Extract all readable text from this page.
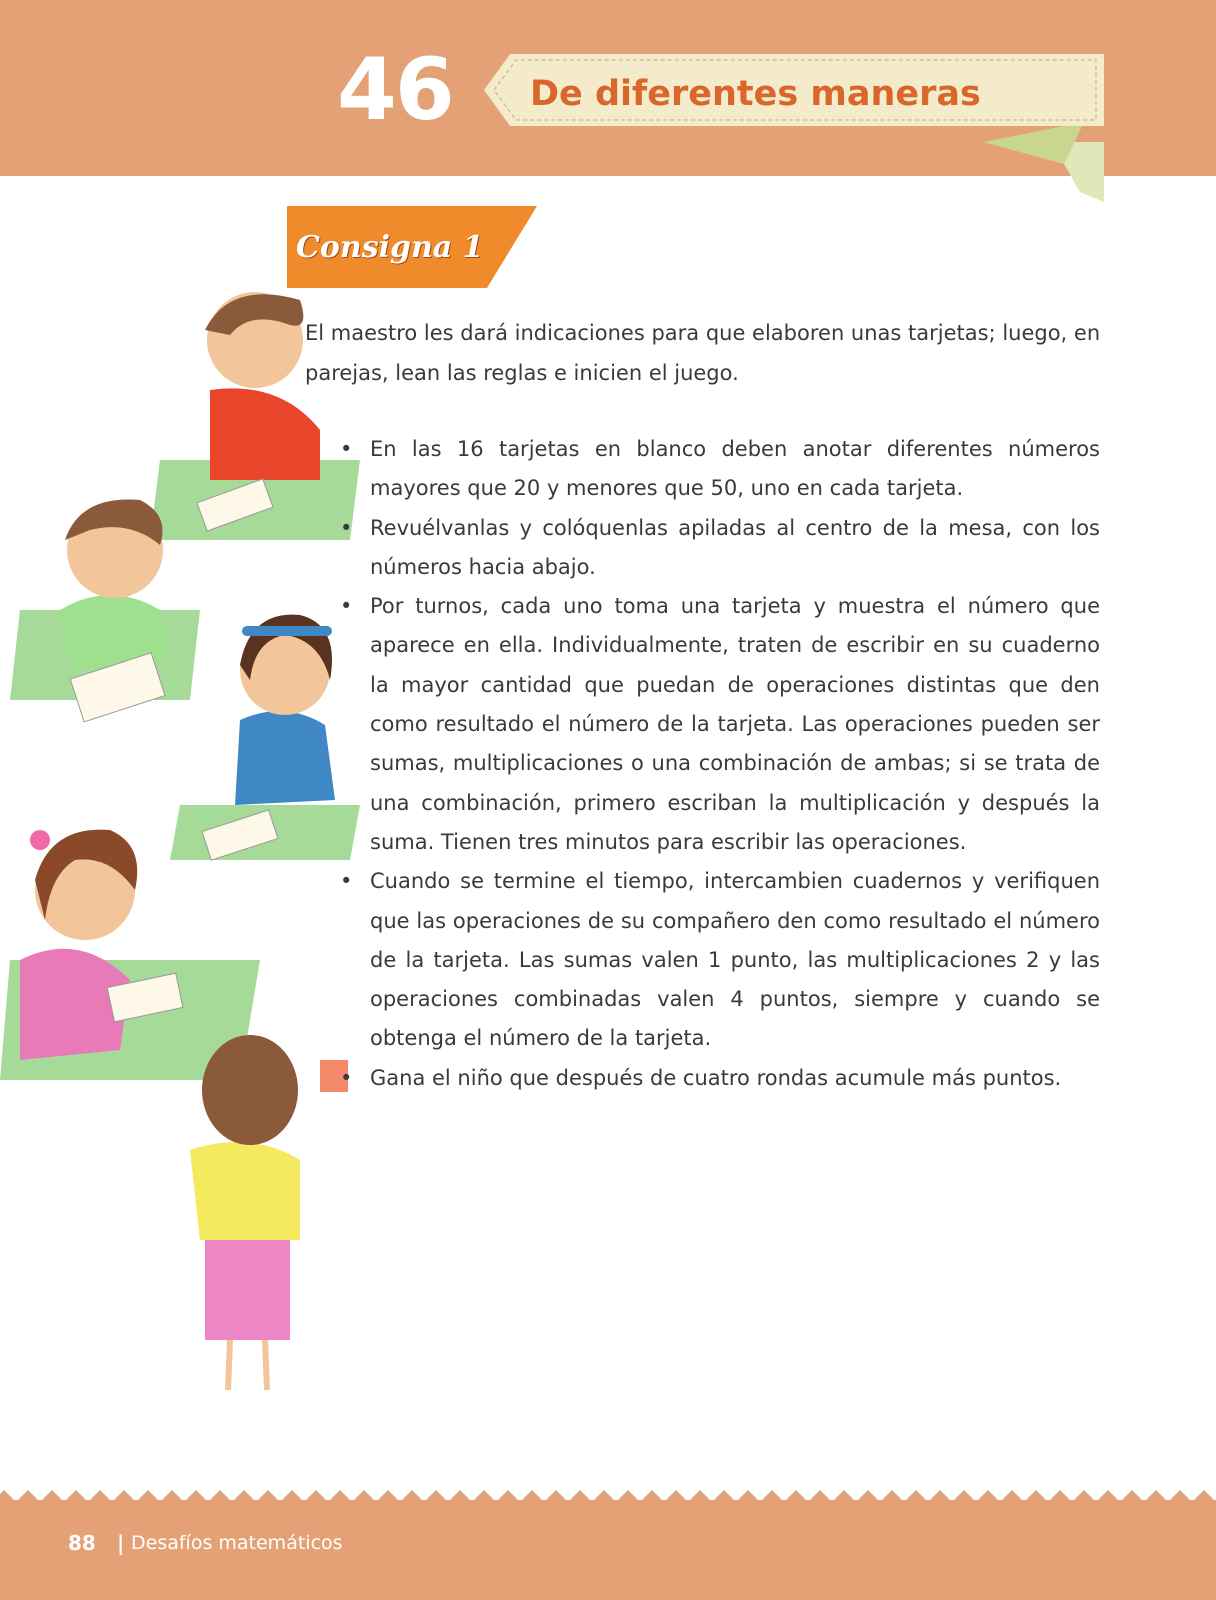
46 De diferentes maneras
Consigna 1

El maestro les dará indicaciones para que elaboren unas tarjetas; luego, en parejas, lean las reglas e inicien el juego.

• En las 16 tarjetas en blanco deben anotar diferentes números mayores que 20 y menores que 50, uno en cada tarjeta.
• Revuélvanlas y colóquenlas apiladas al centro de la mesa, con los números hacia abajo.
• Por turnos, cada uno toma una tarjeta y muestra el número que aparece en ella. Individualmente, traten de escribir en su cuaderno la mayor cantidad que puedan de operaciones distintas que den como resultado el número de la tarjeta. Las operaciones pueden ser sumas, multiplicaciones o una combinación de ambas; si se trata de una combinación, primero escriban la multiplicación y después la suma. Tienen tres minutos para escribir las operaciones.
• Cuando se termine el tiempo, intercambien cuadernos y verifiquen que las operaciones de su compañero den como resultado el número de la tarjeta. Las sumas valen 1 punto, las multiplicaciones 2 y las operaciones combinadas valen 4 puntos, siempre y cuando se obtenga el número de la tarjeta.
• Gana el niño que después de cuatro rondas acumule más puntos.
88 | Desafíos matemáticos
